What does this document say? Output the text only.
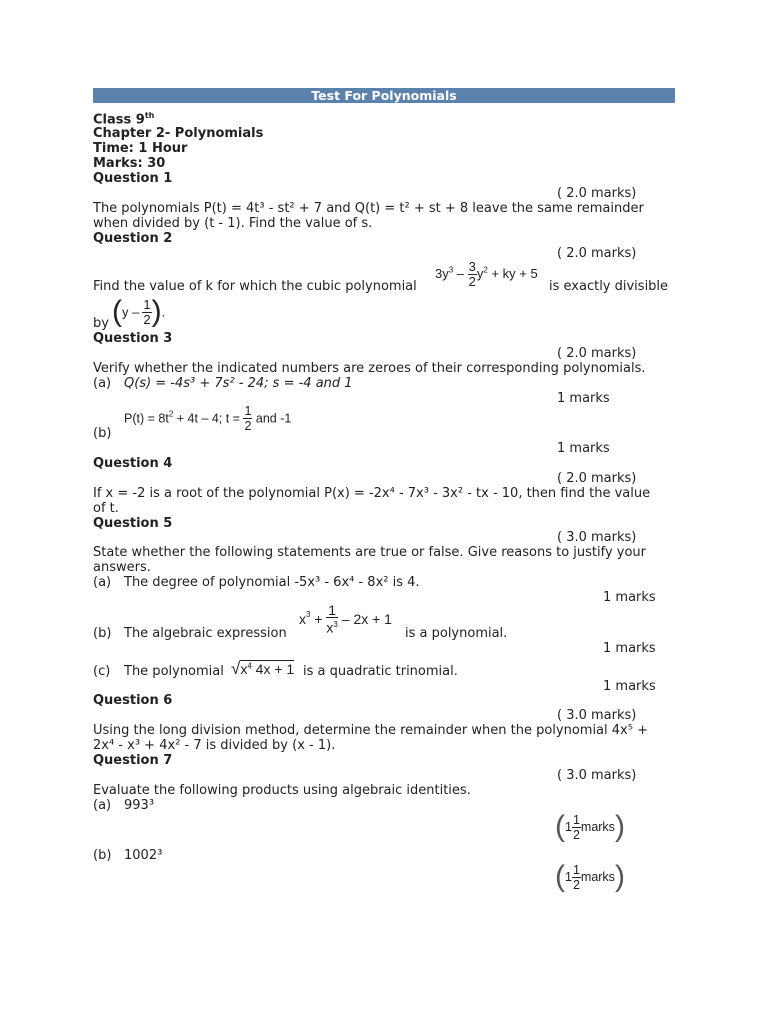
Test For Polynomials
Class 9th
Chapter 2- Polynomials
Time: 1 Hour
Marks: 30
Question 1
( 2.0 marks)
The polynomials P(t) = 4t³ - st² + 7 and Q(t) = t² + st + 8 leave the same remainder
when divided by (t - 1). Find the value of s.
Question 2
( 2.0 marks)
Find the value of k for which the cubic polynomial
$3y^3 - \frac{3}{2} y^2$ + ky + 5
is exactly divisible
by ($y - \frac{1}{2}$ ).
Question 3
( 2.0 marks)
Verify whether the indicated numbers are zeroes of their corresponding polynomials.
(a) Q(s) = -4s³ + 7s² - 24; s = -4 and 1
1 marks
(b)
$P(t) = 8t^2 + 4t - 4$; $t = \frac{1}{2}$ and -1
1 marks
Question 4
( 2.0 marks)
If x = -2 is a root of the polynomial P(x) = -2x⁴ - 7x³ - 3x² - tx - 10, then find the value
of t.
Question 5
( 3.0 marks)
State whether the following statements are true or false. Give reasons to justify your
answers.
(a) The degree of polynomial -5x³ - 6x⁴ - 8x² is 4.
1 marks
(b) The algebraic expression
$x^3 + \frac{1}{x^3} - 2x + 1$
is a polynomial.
1 marks
(c) The polynomial $√x^4$ 4x + 1 is a quadratic trinomial.
1 marks
Question 6
( 3.0 marks)
Using the long division method, determine the remainder when the polynomial 4x⁵ +
2x⁴ - x³ + 4x² - 7 is divided by (x - 1).
Question 7
( 3.0 marks)
Evaluate the following products using algebraic identities.
(a) 993³
($1 \frac{1}{2}$ marks)
(b) 1002³
($1 \frac{1}{2}$ marks)
